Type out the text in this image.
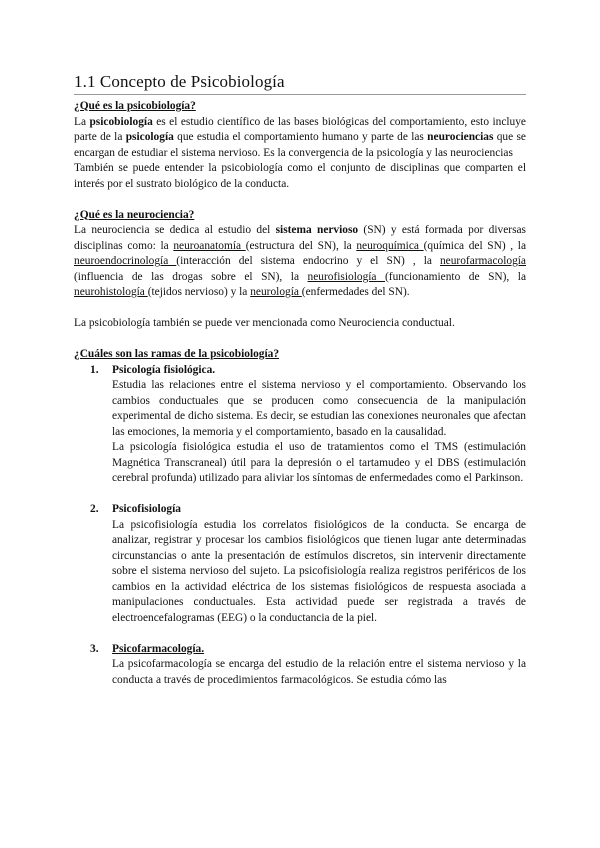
1.1 Concepto de Psicobiología

¿Qué es la psicobiología?

La psicobiología es el estudio científico de las bases biológicas del comportamiento, esto incluye parte de la psicología que estudia el comportamiento humano y parte de las neurociencias que se encargan de estudiar el sistema nervioso. Es la convergencia de la psicología y las neurociencias

También se puede entender la psicobiología como el conjunto de disciplinas que comparten el interés por el sustrato biológico de la conducta.

¿Qué es la neurociencia?

La neurociencia se dedica al estudio del sistema nervioso (SN) y está formada por diversas disciplinas como: la neuroanatomía (estructura del SN), la neuroquímica (química del SN) , la neuroendocrinología (interacción del sistema endocrino y el SN) , la neurofarmacología (influencia de las drogas sobre el SN), la neurofisiología (funcionamiento de SN), la neurohistología (tejidos nervioso) y la neurología (enfermedades del SN).

La psicobiología también se puede ver mencionada como Neurociencia conductual.

¿Cuáles son las ramas de la psicobiología?

1. Psicología fisiológica.

Estudia las relaciones entre el sistema nervioso y el comportamiento. Observando los cambios conductuales que se producen como consecuencia de la manipulación experimental de dicho sistema. Es decir, se estudian las conexiones neuronales que afectan las emociones, la memoria y el comportamiento, basado en la causalidad.

La psicología fisiológica estudia el uso de tratamientos como el TMS (estimulación Magnética Transcraneal) útil para la depresión o el tartamudeo y el DBS (estimulación cerebral profunda) utilizado para aliviar los síntomas de enfermedades como el Parkinson.

2. Psicofisiología

La psicofisiología estudia los correlatos fisiológicos de la conducta. Se encarga de analizar, registrar y procesar los cambios fisiológicos que tienen lugar ante determinadas circunstancias o ante la presentación de estímulos discretos, sin intervenir directamente sobre el sistema nervioso del sujeto. La psicofisiología realiza registros periféricos de los cambios en la actividad eléctrica de los sistemas fisiológicos de respuesta asociada a manipulaciones conductuales. Esta actividad puede ser registrada a través de electroencefalogramas (EEG) o la conductancia de la piel.

3. Psicofarmacología.

La psicofarmacología se encarga del estudio de la relación entre el sistema nervioso y la conducta a través de procedimientos farmacológicos. Se estudia cómo las
